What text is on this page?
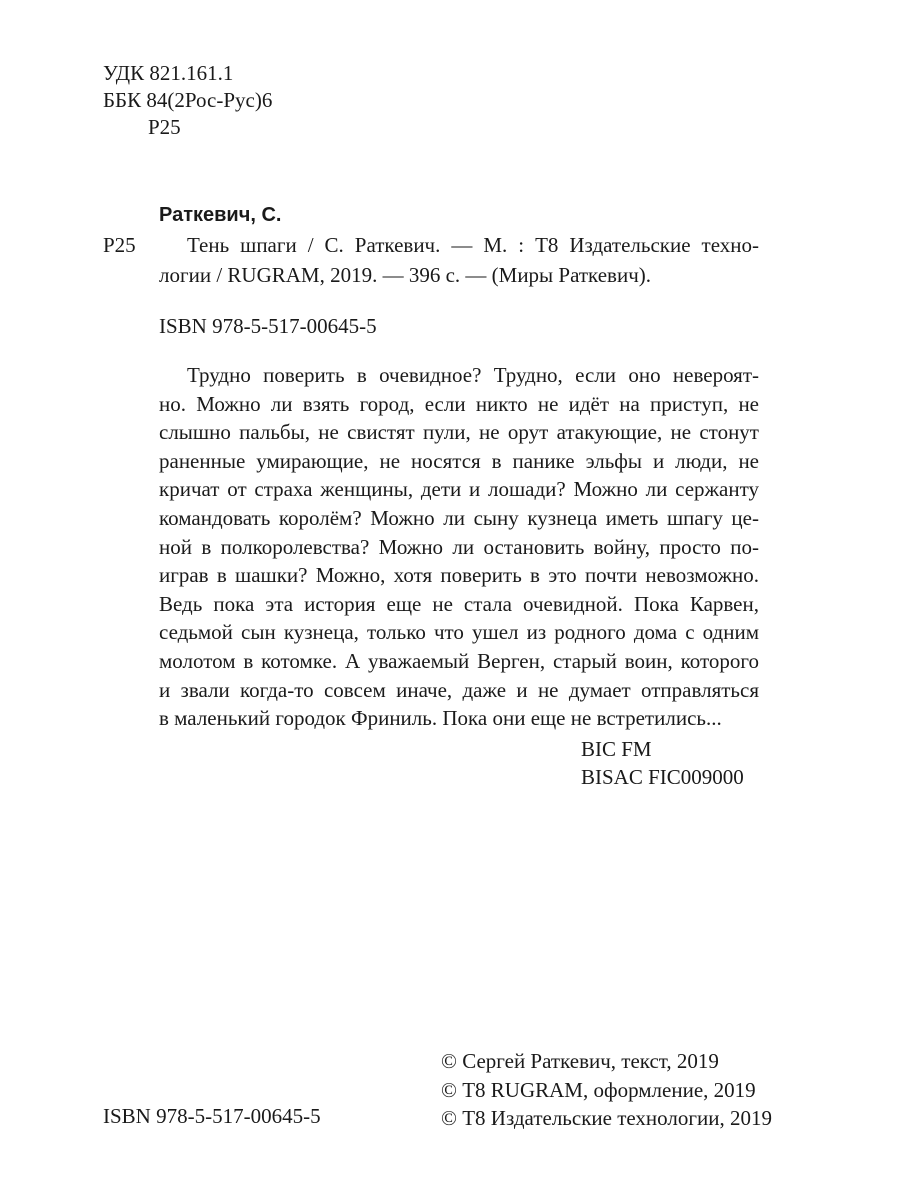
УДК 821.161.1
ББК 84(2Рос-Рус)6
Р25
Раткевич, С.
Р25	Тень шпаги / С. Раткевич. — М. : Т8 Издательские техно-
логии / RUGRAM, 2019. — 396 с. — (Миры Раткевич).
ISBN 978-5-517-00645-5
Трудно поверить в очевидное? Трудно, если оно невероят-
но. Можно ли взять город, если никто не идёт на приступ, не
слышно пальбы, не свистят пули, не орут атакующие, не стонут
раненные умирающие, не носятся в панике эльфы и люди, не
кричат от страха женщины, дети и лошади? Можно ли сержанту
командовать королём? Можно ли сыну кузнеца иметь шпагу це-
ной в полкоролевства? Можно ли остановить войну, просто по-
играв в шашки? Можно, хотя поверить в это почти невозможно.
Ведь пока эта история еще не стала очевидной. Пока Карвен,
седьмой сын кузнеца, только что ушел из родного дома с одним
молотом в котомке. А уважаемый Верген, старый воин, которого
и звали когда-то совсем иначе, даже и не думает отправляться
в маленький городок Фриниль. Пока они еще не встретились...
BIC FM
BISAC FIC009000
ISBN 978-5-517-00645-5
© Сергей Раткевич, текст, 2019
© Т8 RUGRAM, оформление, 2019
© Т8 Издательские технологии, 2019
